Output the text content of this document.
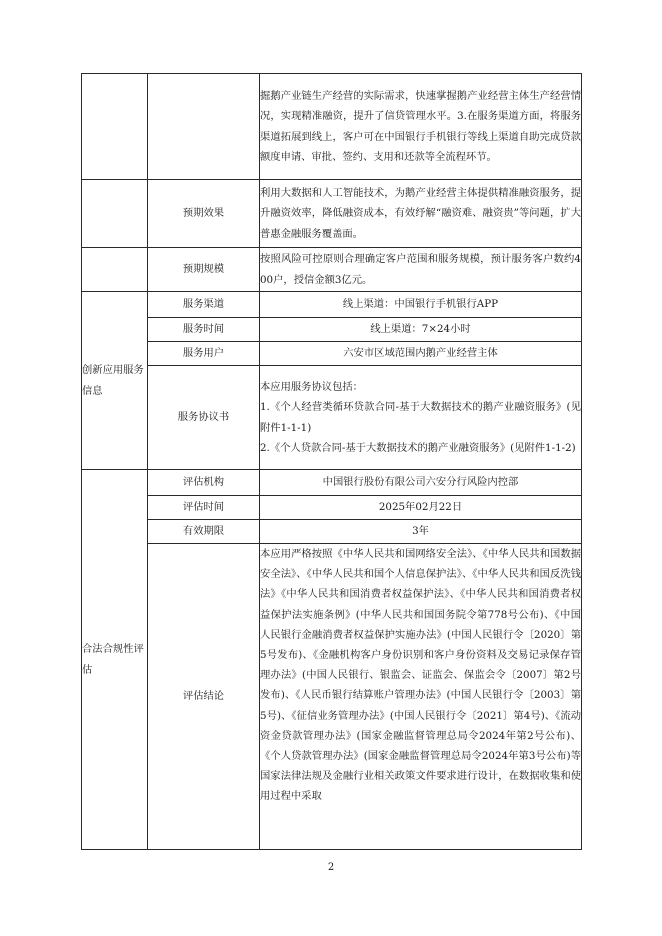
		掘鹅产业链生产经营的实际需求，快速掌握鹅产业经营主体生产经营情况，实现精准融资，提升了信贷管理水平。3.在服务渠道方面，将服务渠道拓展到线上，客户可在中国银行手机银行等线上渠道自助完成贷款额度申请、审批、签约、支用和还款等全流程环节。
	预期效果	利用大数据和人工智能技术，为鹅产业经营主体提供精准融资服务，提升融资效率，降低融资成本，有效纾解“融资难、融资贵”等问题，扩大普惠金融服务覆盖面。
	预期规模	按照风险可控原则合理确定客户范围和服务规模，预计服务客户数约400户，授信金额3亿元。
创新应用服务信息	服务渠道	线上渠道：中国银行手机银行APP
	服务时间	线上渠道：7×24小时
	服务用户	六安市区域范围内鹅产业经营主体
	服务协议书	本应用服务协议包括：
1.《个人经营类循环贷款合同-基于大数据技术的鹅产业融资服务》(见附件1-1-1)
2.《个人贷款合同-基于大数据技术的鹅产业融资服务》(见附件1-1-2)

合法合规性评估	评估机构	中国银行股份有限公司六安分行风险内控部
	评估时间	2025年02月22日
	有效期限	3年
	评估结论	本应用严格按照《中华人民共和国网络安全法》、《中华人民共和国数据安全法》、《中华人民共和国个人信息保护法》、《中华人民共和国反洗钱法》《中华人民共和国消费者权益保护法》、《中华人民共和国消费者权益保护法实施条例》(中华人民共和国国务院令第778号公布)、《中国人民银行金融消费者权益保护实施办法》(中国人民银行令〔2020〕第5号发布)、《金融机构客户身份识别和客户身份资料及交易记录保存管理办法》(中国人民银行、银监会、证监会、保监会令〔2007〕第2号发布)、《人民币银行结算账户管理办法》(中国人民银行令〔2003〕第5号)、《征信业务管理办法》(中国人民银行令〔2021〕第4号)、《流动资金贷款管理办法》(国家金融监督管理总局令2024年第2号公布)、《个人贷款管理办法》(国家金融监督管理总局令2024年第3号公布)等国家法律法规及金融行业相关政策文件要求进行设计，在数据收集和使用过程中采取
2
